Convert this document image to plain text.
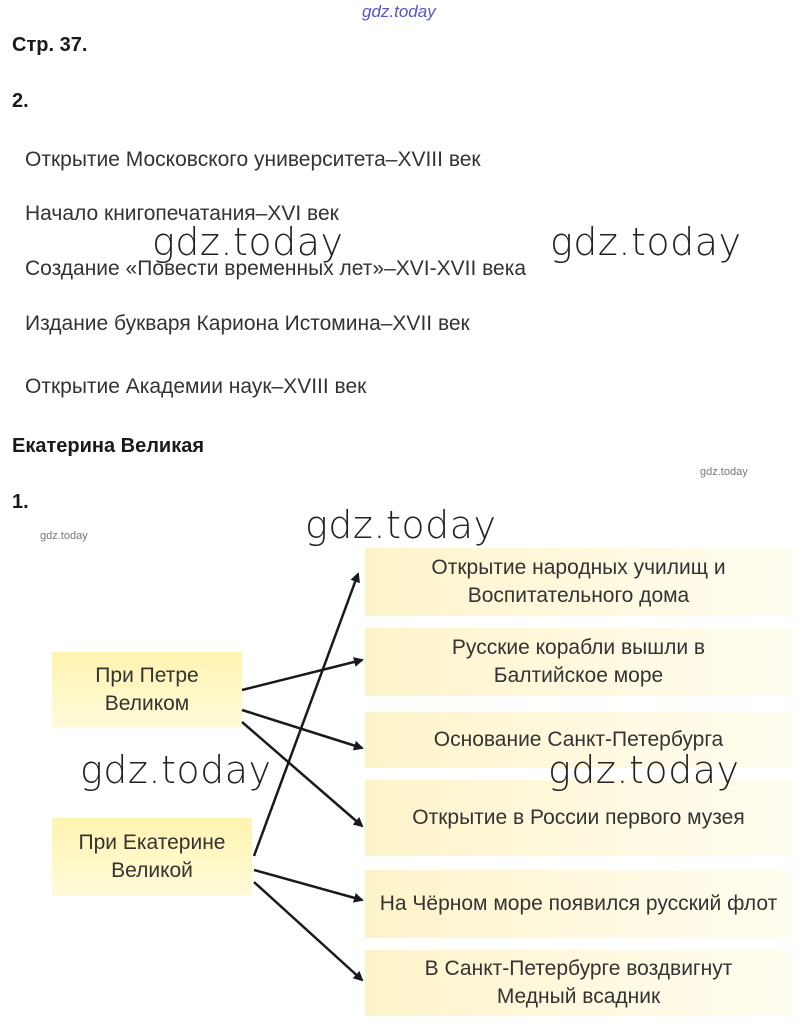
gdz.today
Стр. 37.
2.
Открытие Московского университета–XVIII век
Начало книгопечатания–XVI век
Создание «Повести временных лет»–XVI-XVII века
Издание букваря Кариона Истомина–XVII век
Открытие Академии наук–XVIII век
gdz.today	gdz.today
Екатерина Великая
gdz.today
1.
gdz.today	gdz.today
Открытие народных училищ и Воспитательного дома
Русские корабли вышли в Балтийское море
Основание Санкт-Петербурга
Открытие в России первого музея
На Чёрном море появился русский флот
В Санкт-Петербурге воздвигнут Медный всадник
При Петре Великом
При Екатерине Великой
gdz.today	gdz.today
